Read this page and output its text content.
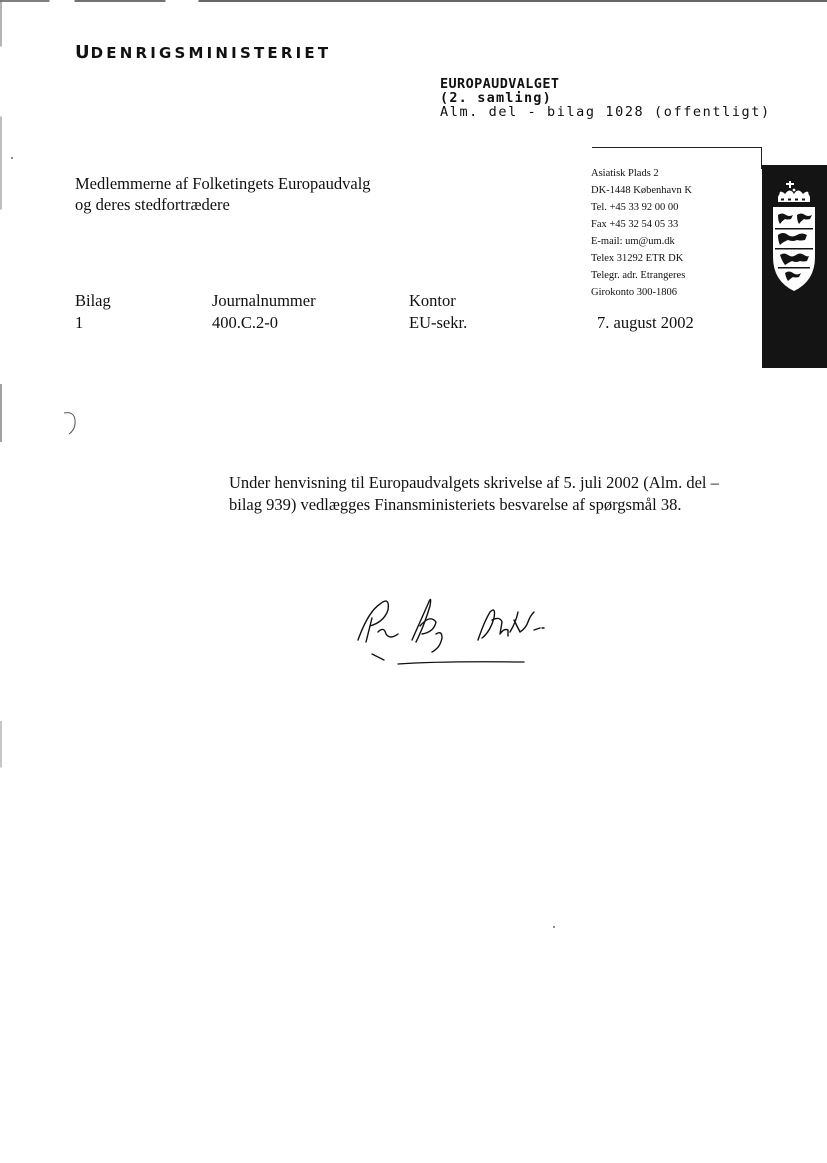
UDENRIGSMINISTERIET
EUROPAUDVALGET
(2. samling)
Alm. del - bilag 1028 (offentligt)
Medlemmerne af Folketingets Europaudvalg
og deres stedfortrædere
Asiatisk Plads 2
DK-1448 København K
Tel. +45 33 92 00 00
Fax +45 32 54 05 33
E-mail: um@um.dk
Telex 31292 ETR DK
Telegr. adr. Etrangeres
Girokonto 300-1806
Bilag
1
Journalnummer
400.C.2-0
Kontor
EU-sekr.	7. august 2002
Under henvisning til Europaudvalgets skrivelse af 5. juli 2002 (Alm. del – bilag 939) vedlægges Finansministeriets besvarelse af spørgsmål 38.
